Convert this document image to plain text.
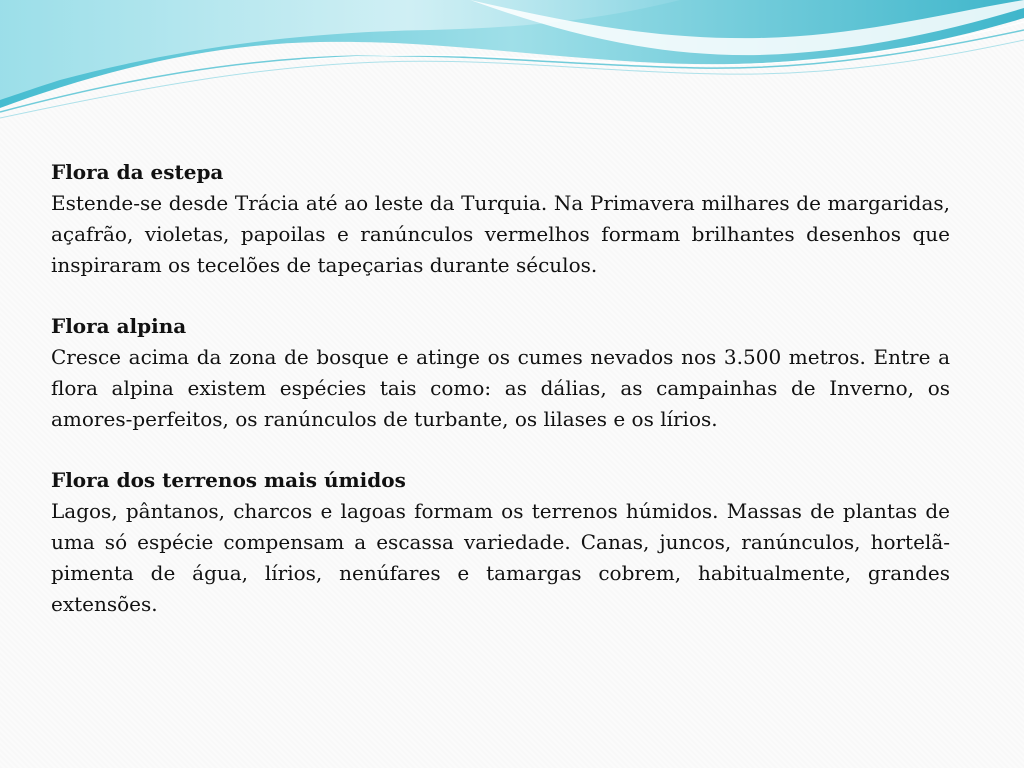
Flora da estepa

Estende-se desde Trácia até ao leste da Turquia. Na Primavera milhares de margaridas, açafrão, violetas, papoilas e ranúnculos vermelhos formam brilhantes desenhos que inspiraram os tecelões de tapeçarias durante séculos.

Flora alpina

Cresce acima da zona de bosque e atinge os cumes nevados nos 3.500 metros. Entre a flora alpina existem espécies tais como: as dálias, as campainhas de Inverno, os amores-perfeitos, os ranúnculos de turbante, os lilases e os lírios.

Flora dos terrenos mais úmidos

Lagos, pântanos, charcos e lagoas formam os terrenos húmidos. Massas de plantas de uma só espécie compensam a escassa variedade. Canas, juncos, ranúnculos, hortelã-pimenta de água, lírios, nenúfares e tamargas cobrem, habitualmente, grandes extensões.
